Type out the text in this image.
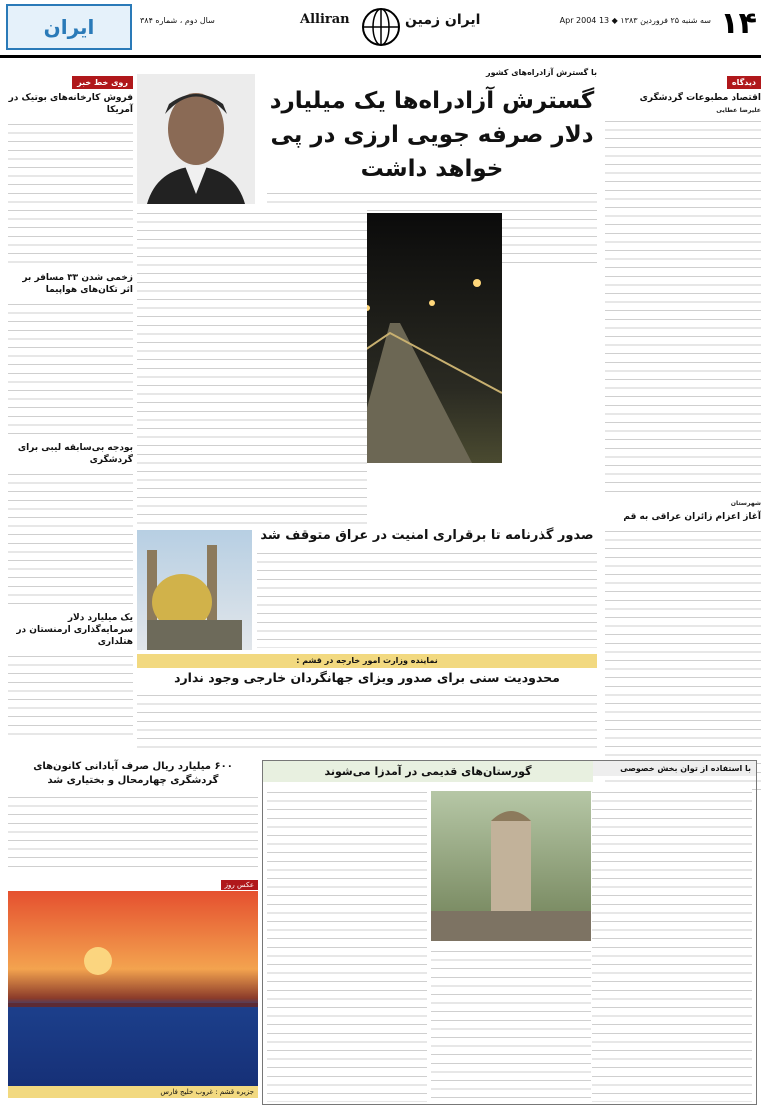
۱۴
سه شنبه ۲۵ فروردین ۱۳۸۳ ◆ 13 Apr 2004
ایران زمین
Alliran
سال دوم ، شماره ۳۸۴
ایران
دیدگاه
اقتصاد مطبوعات گردشگری
علیرضا عطایی
شهرستان
آغاز اعزام زائران عراقی به قم
روی خط خبر
فروش کارخانه‌های بوتیک در آمریکا
زخمی شدن ۳۳ مسافر بر اثر تکان‌های هواپیما
بودجه بی‌سابقه لیبی برای گردشگری
یک میلیارد دلار سرمایه‌گذاری ارمنستان در هتلداری
با گسترش آزادراه‌های کشور
گسترش آزادراه‌ها یک میلیارد دلار صرفه جویی ارزی در پی خواهد داشت
صدور گذرنامه تا برقراری امنیت در عراق متوقف شد
نماینده وزارت امور خارجه در قشم :
محدودیت سنی برای صدور ویزای جهانگردان خارجی وجود ندارد
۶۰۰ میلیارد ریال صرف آبادانی کانون‌های گردشگری چهارمحال و بختیاری شد
عکس روز
جزیره قشم : غروب خلیج فارس
با استفاده از توان بخش خصوصی
گورستان‌های قدیمی در آمدزا می‌شوند
